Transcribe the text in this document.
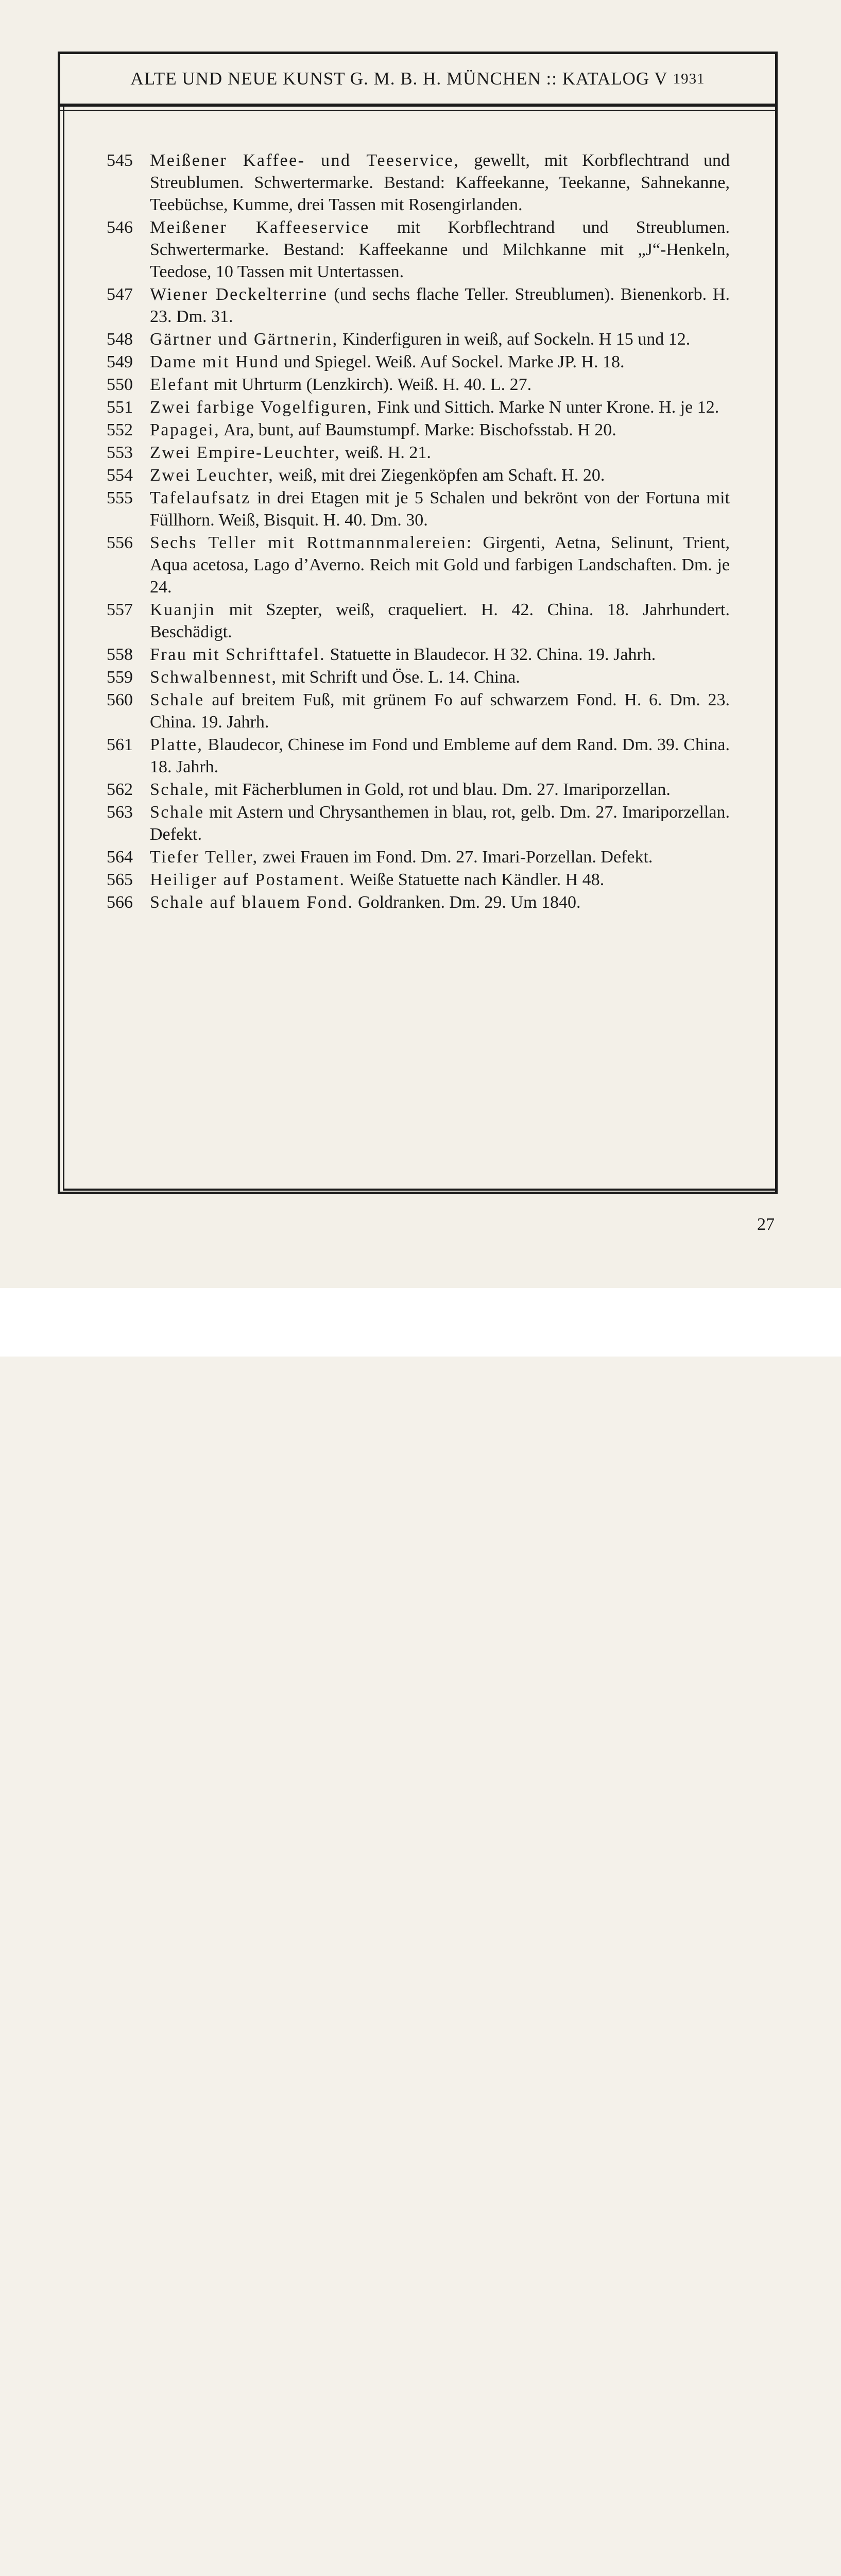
ALTE UND NEUE KUNST G. M. B. H. MÜNCHEN :: KATALOG V 1931
545 Meißener Kaffee- und Teeservice, gewellt, mit Korbflechtrand und Streublumen. Schwertermarke. Bestand: Kaffeekanne, Teekanne, Sahnekanne, Teebüchse, Kumme, drei Tassen mit Rosengirlanden.
546 Meißener Kaffeeservice mit Korbflechtrand und Streublumen. Schwertermarke. Bestand: Kaffeekanne und Milchkanne mit „J“-Henkeln, Teedose, 10 Tassen mit Untertassen.
547 Wiener Deckelterrine (und sechs flache Teller. Streublumen). Bienenkorb. H. 23. Dm. 31.
548 Gärtner und Gärtnerin, Kinderfiguren in weiß, auf Sockeln. H 15 und 12.
549 Dame mit Hund und Spiegel. Weiß. Auf Sockel. Marke JP. H. 18.
550 Elefant mit Uhrturm (Lenzkirch). Weiß. H. 40. L. 27.
551 Zwei farbige Vogelfiguren, Fink und Sittich. Marke N unter Krone. H. je 12.
552 Papagei, Ara, bunt, auf Baumstumpf. Marke: Bischofsstab. H 20.
553 Zwei Empire-Leuchter, weiß. H. 21.
554 Zwei Leuchter, weiß, mit drei Ziegenköpfen am Schaft. H. 20.
555 Tafelaufsatz in drei Etagen mit je 5 Schalen und bekrönt von der Fortuna mit Füllhorn. Weiß, Bisquit. H. 40. Dm. 30.
556 Sechs Teller mit Rottmannmalereien: Girgenti, Aetna, Selinunt, Trient, Aqua acetosa, Lago d’Averno. Reich mit Gold und farbigen Landschaften. Dm. je 24.
557 Kuanjin mit Szepter, weiß, craqueliert. H. 42. China. 18. Jahrhundert. Beschädigt.
558 Frau mit Schrifttafel. Statuette in Blaudecor. H 32. China. 19. Jahrh.
559 Schwalbennest, mit Schrift und Öse. L. 14. China.
560 Schale auf breitem Fuß, mit grünem Fo auf schwarzem Fond. H. 6. Dm. 23. China. 19. Jahrh.
561 Platte, Blaudecor, Chinese im Fond und Embleme auf dem Rand. Dm. 39. China. 18. Jahrh.
562 Schale, mit Fächerblumen in Gold, rot und blau. Dm. 27. Imariporzellan.
563 Schale mit Astern und Chrysanthemen in blau, rot, gelb. Dm. 27. Imariporzellan. Defekt.
564 Tiefer Teller, zwei Frauen im Fond. Dm. 27. Imari-Porzellan. Defekt.
565 Heiliger auf Postament. Weiße Statuette nach Kändler. H 48.
566 Schale auf blauem Fond. Goldranken. Dm. 29. Um 1840.
27
